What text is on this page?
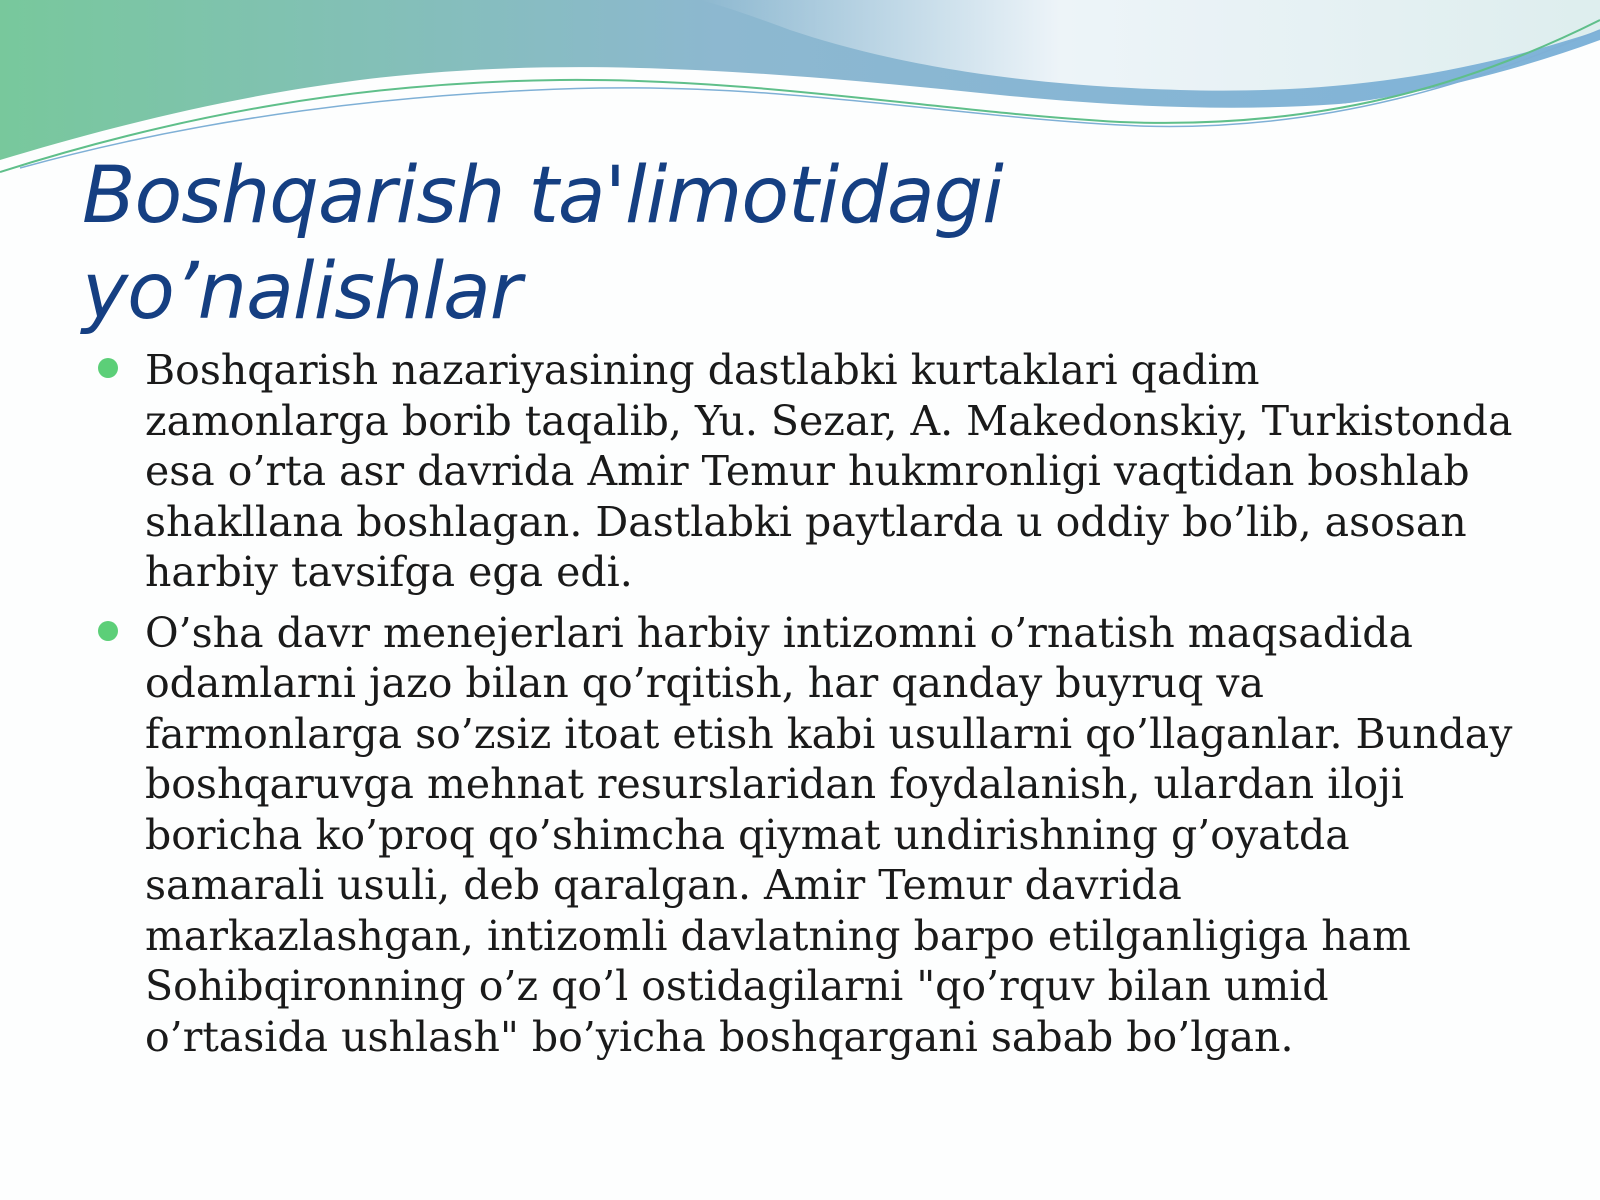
Boshqarish ta'limotidagi
yo’nalishlar
Boshqarish nazariyasining dastlabki kurtaklari qadim zamonlarga borib taqalib, Yu. Sezar, A. Makedonskiy, Turkistonda esa o’rta asr davrida Amir Temur hukmronligi vaqtidan boshlab shakllana boshlagan. Dastlabki paytlarda u oddiy bo’lib, asosan harbiy tavsifga ega edi.
O’sha davr menejerlari harbiy intizomni o’rnatish maqsadida odamlarni jazo bilan qo’rqitish, har qanday buyruq va farmonlarga so’zsiz itoat etish kabi usullarni qo’llaganlar. Bunday boshqaruvga mehnat resurslaridan foydalanish, ulardan iloji boricha ko’proq qo’shimcha qiymat undirishning g’oyatda samarali usuli, deb qaralgan. Amir Temur davrida markazlashgan, intizomli davlatning barpo etilganligiga ham Sohibqironning o’z qo’l ostidagilarni "qo’rquv bilan umid o’rtasida ushlash" bo’yicha boshqargani sabab bo’lgan.
